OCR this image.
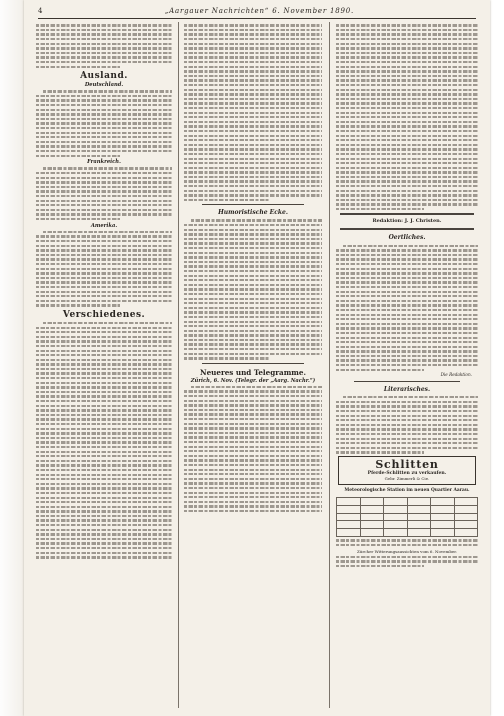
4	„Aargauer Nachrichten“ 6. November 1890.
Ausland.
Deutschland.
Frankreich.
Amerika.
Verschiedenes.
Humoristische Ecke.
Neueres und Telegramme.
Zürich, 6. Nov. (Telegr. der „Aarg. Nachr.“)
Redaktion: J. J. Christen.
Oertliches.
Die Redaktion.
Literarisches.
Schlitten
Pferde-Schlitten zu verkaufen.
Gebr. Zimmerli & Cie.
Meteorologische Station im neuen Quartier Aarau.

Zürcher Witterungsaussichten vom 6. November.
